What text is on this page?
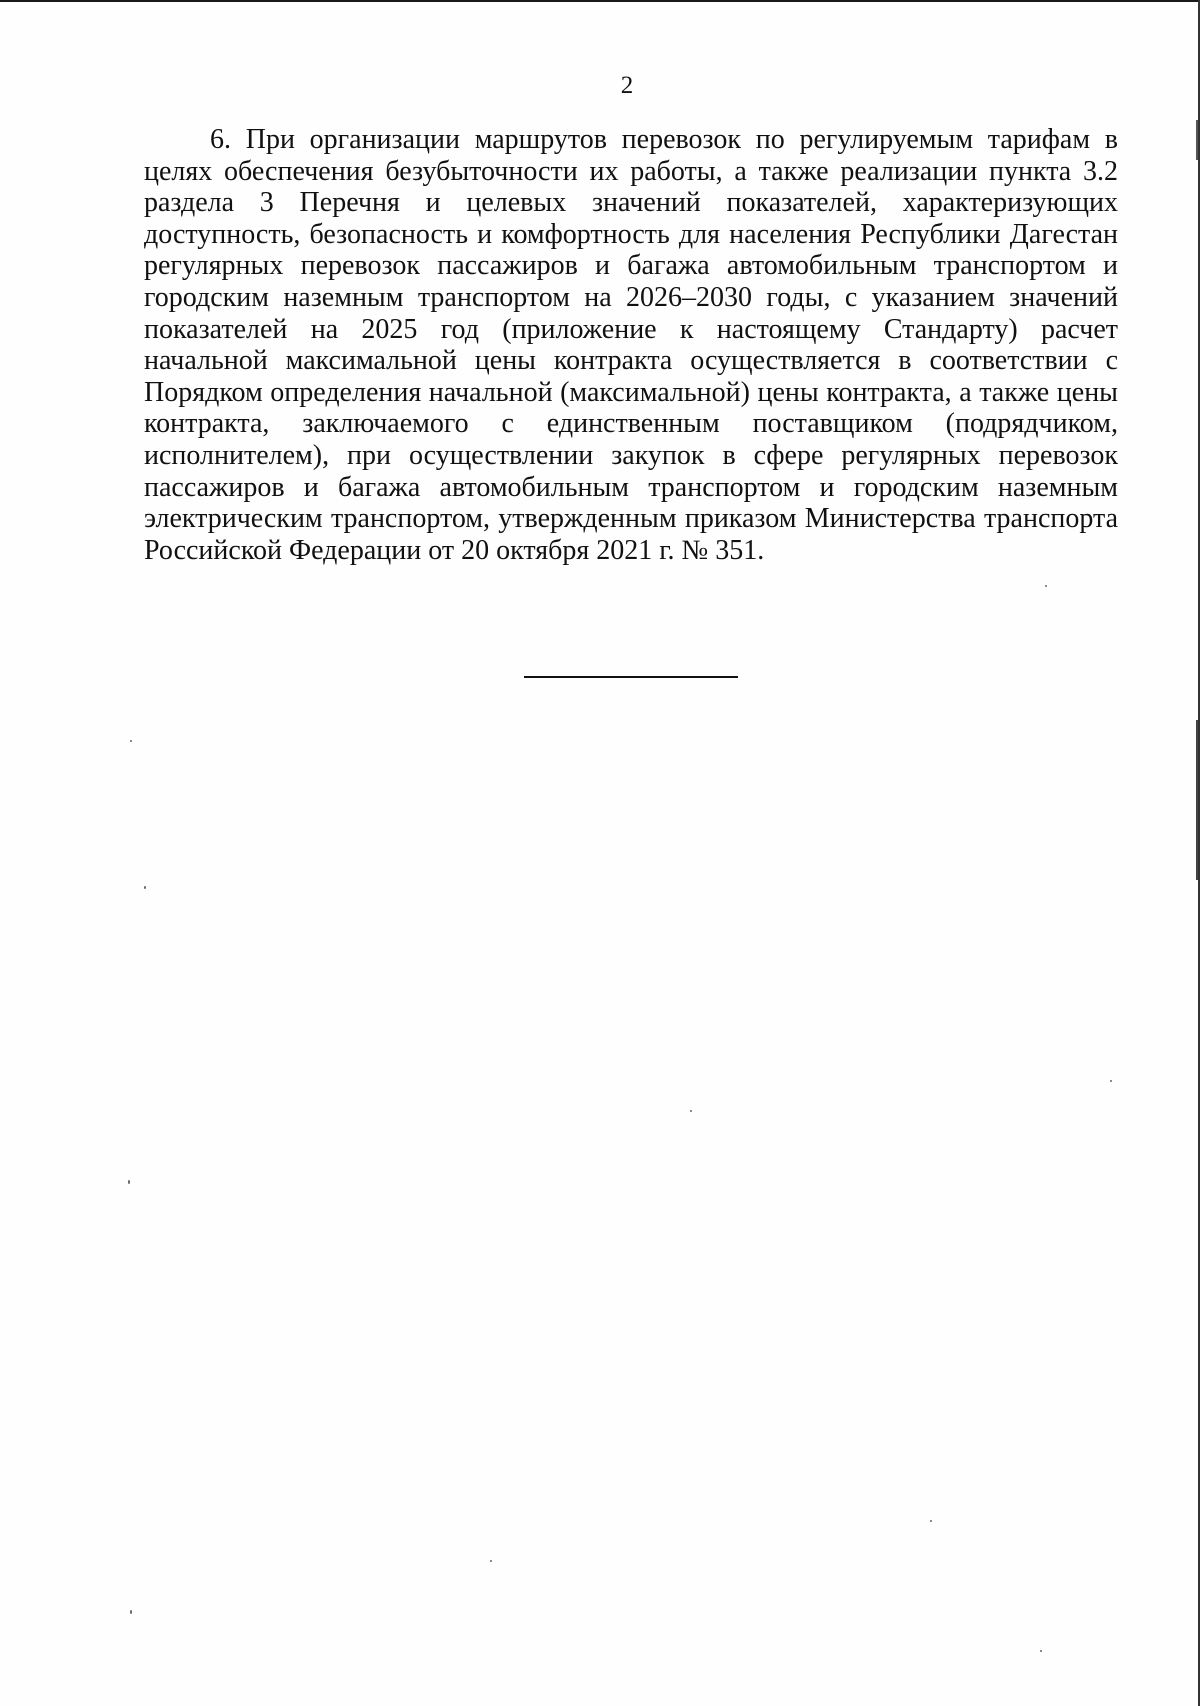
2

6. При организации маршрутов перевозок по регулируемым тарифам в целях обеспечения безубыточности их работы, а также реализации пункта 3.2 раздела 3 Перечня и целевых значений показателей, характеризующих доступность, безопасность и комфортность для населения Республики Дагестан регулярных перевозок пассажиров и багажа автомобильным транспортом и городским наземным транспортом на 2026–2030 годы, с указанием значений показателей на 2025 год (приложение к настоящему Стандарту) расчет начальной максимальной цены контракта осуществляется в соответствии с Порядком определения начальной (максимальной) цены контракта, а также цены контракта, заключаемого с единственным поставщиком (подрядчиком, исполнителем), при осуществлении закупок в сфере регулярных перевозок пассажиров и багажа автомобильным транспортом и городским наземным электрическим транспортом, утвержденным приказом Министерства транспорта Российской Федерации от 20 октября 2021 г. № 351.
